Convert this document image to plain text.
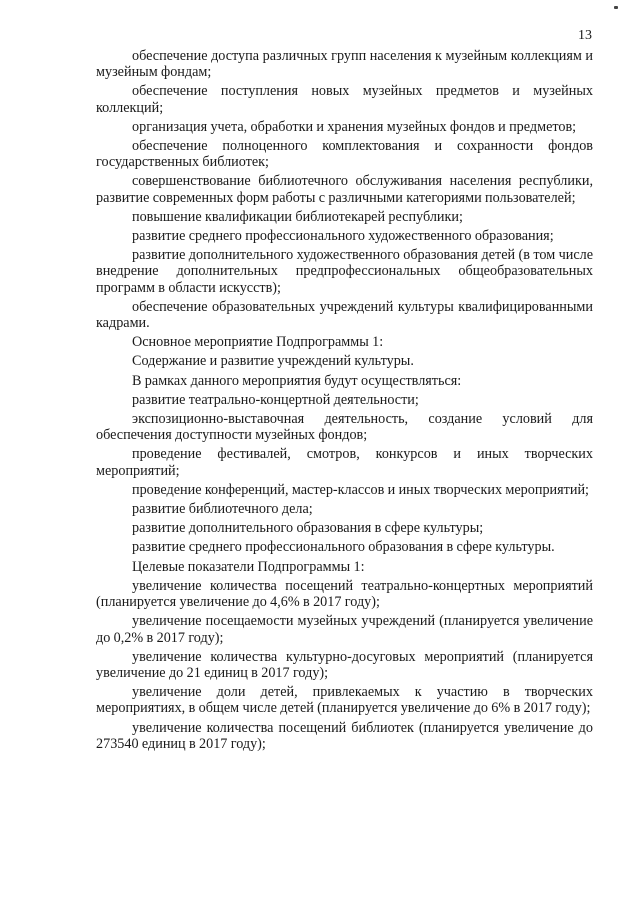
13

обеспечение доступа различных групп населения к музейным коллекциям и музейным фондам;

обеспечение поступления новых музейных предметов и музейных коллекций;

организация учета, обработки и хранения музейных фондов и предметов;

обеспечение полноценного комплектования и сохранности фондов государственных библиотек;

совершенствование библиотечного обслуживания населения республики, развитие современных форм работы с различными категориями пользователей;

повышение квалификации библиотекарей республики;

развитие среднего профессионального художественного образования;

развитие дополнительного художественного образования детей (в том числе внедрение дополнительных предпрофессиональных общеобразовательных программ в области искусств);

обеспечение образовательных учреждений культуры квалифицированными кадрами.

Основное мероприятие Подпрограммы 1:

Содержание и развитие учреждений культуры.

В рамках данного мероприятия будут осуществляться:

развитие театрально-концертной деятельности;

экспозиционно-выставочная деятельность, создание условий для обеспечения доступности музейных фондов;

проведение фестивалей, смотров, конкурсов и иных творческих мероприятий;

проведение конференций, мастер-классов и иных творческих мероприятий;

развитие библиотечного дела;

развитие дополнительного образования в сфере культуры;

развитие среднего профессионального образования в сфере культуры.

Целевые показатели Подпрограммы 1:

увеличение количества посещений театрально-концертных мероприятий (планируется увеличение до 4,6% в 2017 году);

увеличение посещаемости музейных учреждений (планируется увеличение до 0,2% в 2017 году);

увеличение количества культурно-досуговых мероприятий (планируется увеличение до 21 единиц в 2017 году);

увеличение доли детей, привлекаемых к участию в творческих мероприятиях, в общем числе детей (планируется увеличение до 6% в 2017 году);

увеличение количества посещений библиотек (планируется увеличение до 273540 единиц в 2017 году);
